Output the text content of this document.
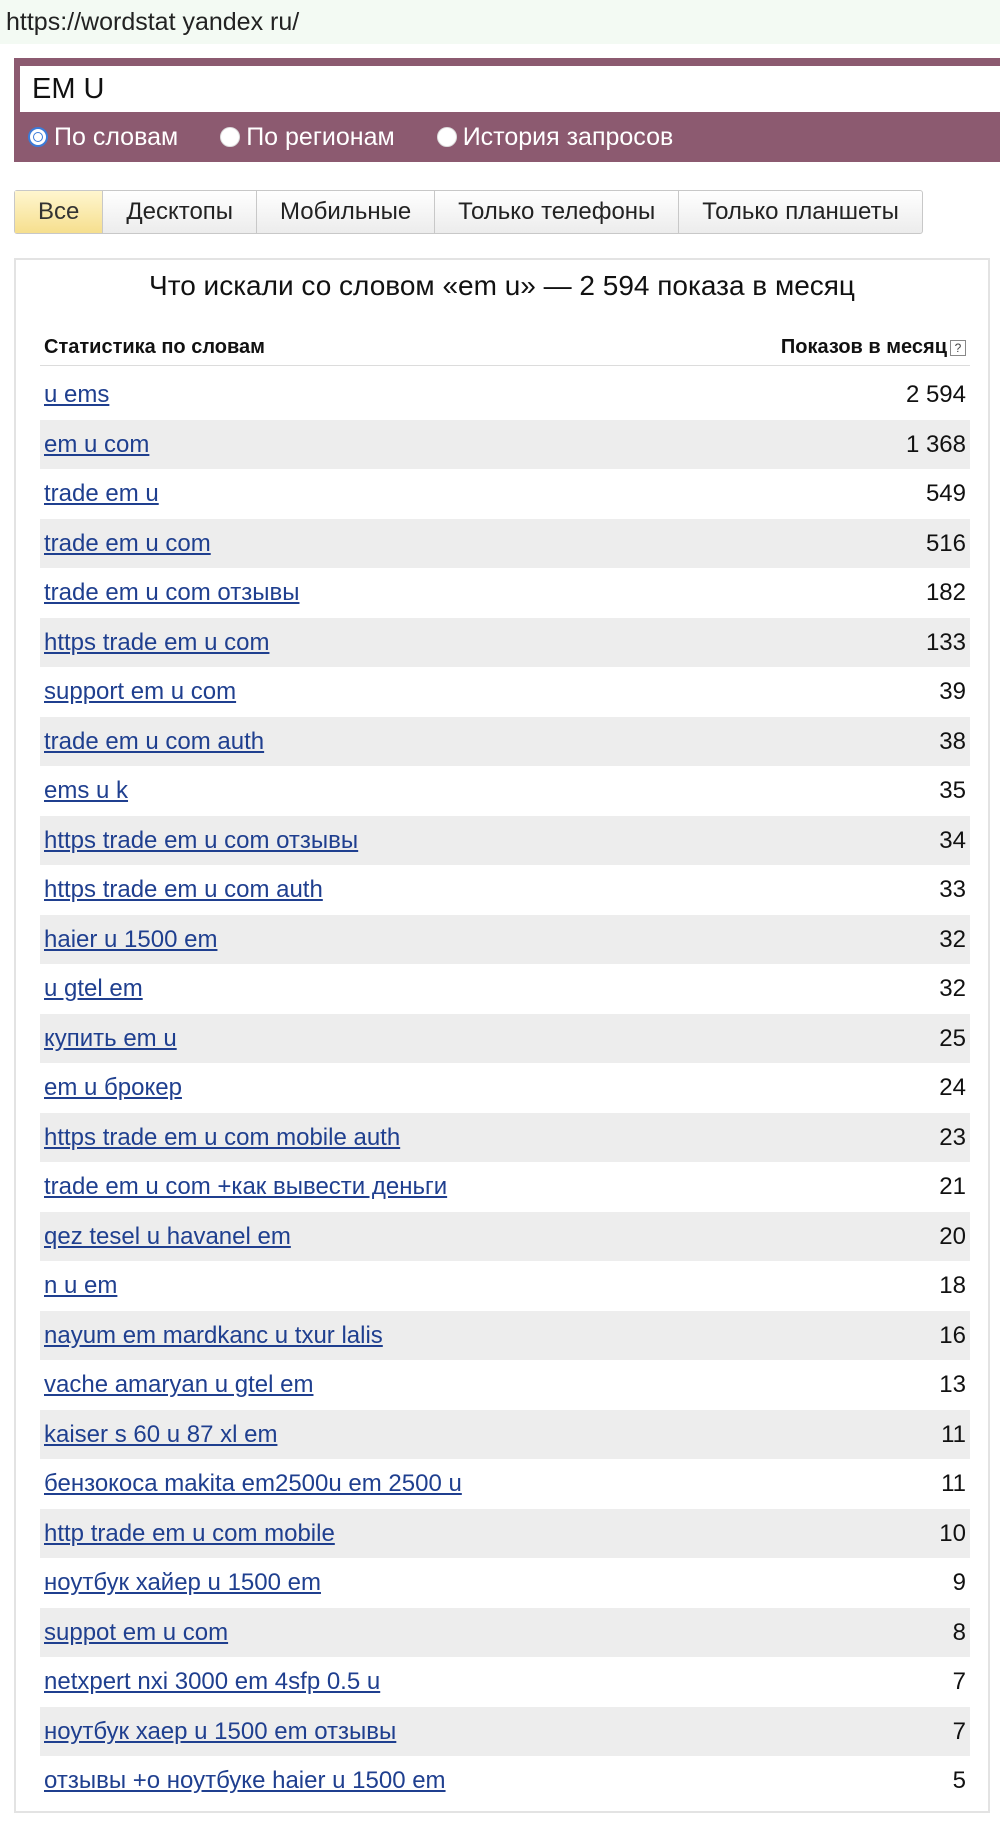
https://wordstat yandex ru/
EM U
По словам	По регионам	История запросов
Все	Десктопы	Мобильные	Только телефоны	Только планшеты
Что искали со словом «em u» — 2 594 показа в месяц
Статистика по словам	Показов в месяц ?
u ems	2 594
em u com	1 368
trade em u	549
trade em u com	516
trade em u com отзывы	182
https trade em u com	133
support em u com	39
trade em u com auth	38
ems u k	35
https trade em u com отзывы	34
https trade em u com auth	33
haier u 1500 em	32
u gtel em	32
купить em u	25
em u брокер	24
https trade em u com mobile auth	23
trade em u com +как вывести деньги	21
qez tesel u havanel em	20
n u em	18
nayum em mardkanc u txur lalis	16
vache amaryan u gtel em	13
kaiser s 60 u 87 xl em	11
бензокоса makita em2500u em 2500 u	11
http trade em u com mobile	10
ноутбук хайер u 1500 em	9
suppot em u com	8
netxpert nxi 3000 em 4sfp 0.5 u	7
ноутбук хаер u 1500 em отзывы	7
отзывы +о ноутбуке haier u 1500 em	5
